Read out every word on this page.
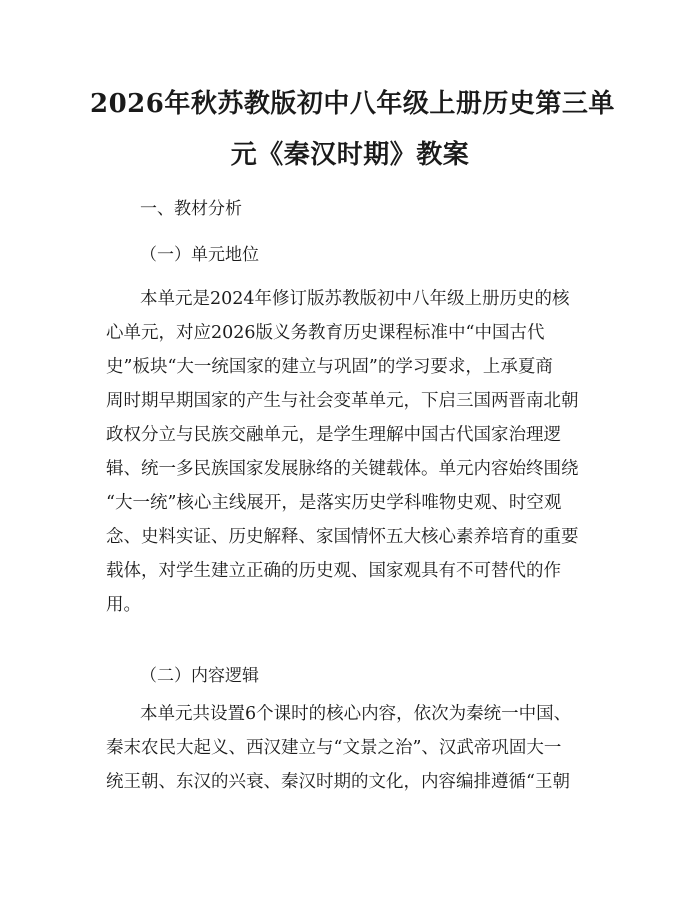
2026年秋苏教版初中八年级上册历史第三单
元《秦汉时期》教案
一、教材分析
（一）单元地位
本单元是2024年修订版苏教版初中八年级上册历史的核
心单元，对应2026版义务教育历史课程标准中“中国古代
史”板块“大一统国家的建立与巩固”的学习要求，上承夏商
周时期早期国家的产生与社会变革单元，下启三国两晋南北朝
政权分立与民族交融单元，是学生理解中国古代国家治理逻
辑、统一多民族国家发展脉络的关键载体。单元内容始终围绕
“大一统”核心主线展开，是落实历史学科唯物史观、时空观
念、史料实证、历史解释、家国情怀五大核心素养培育的重要
载体，对学生建立正确的历史观、国家观具有不可替代的作
用。
（二）内容逻辑
本单元共设置6个课时的核心内容，依次为秦统一中国、
秦末农民大起义、西汉建立与“文景之治”、汉武帝巩固大一
统王朝、东汉的兴衰、秦汉时期的文化，内容编排遵循“王朝
